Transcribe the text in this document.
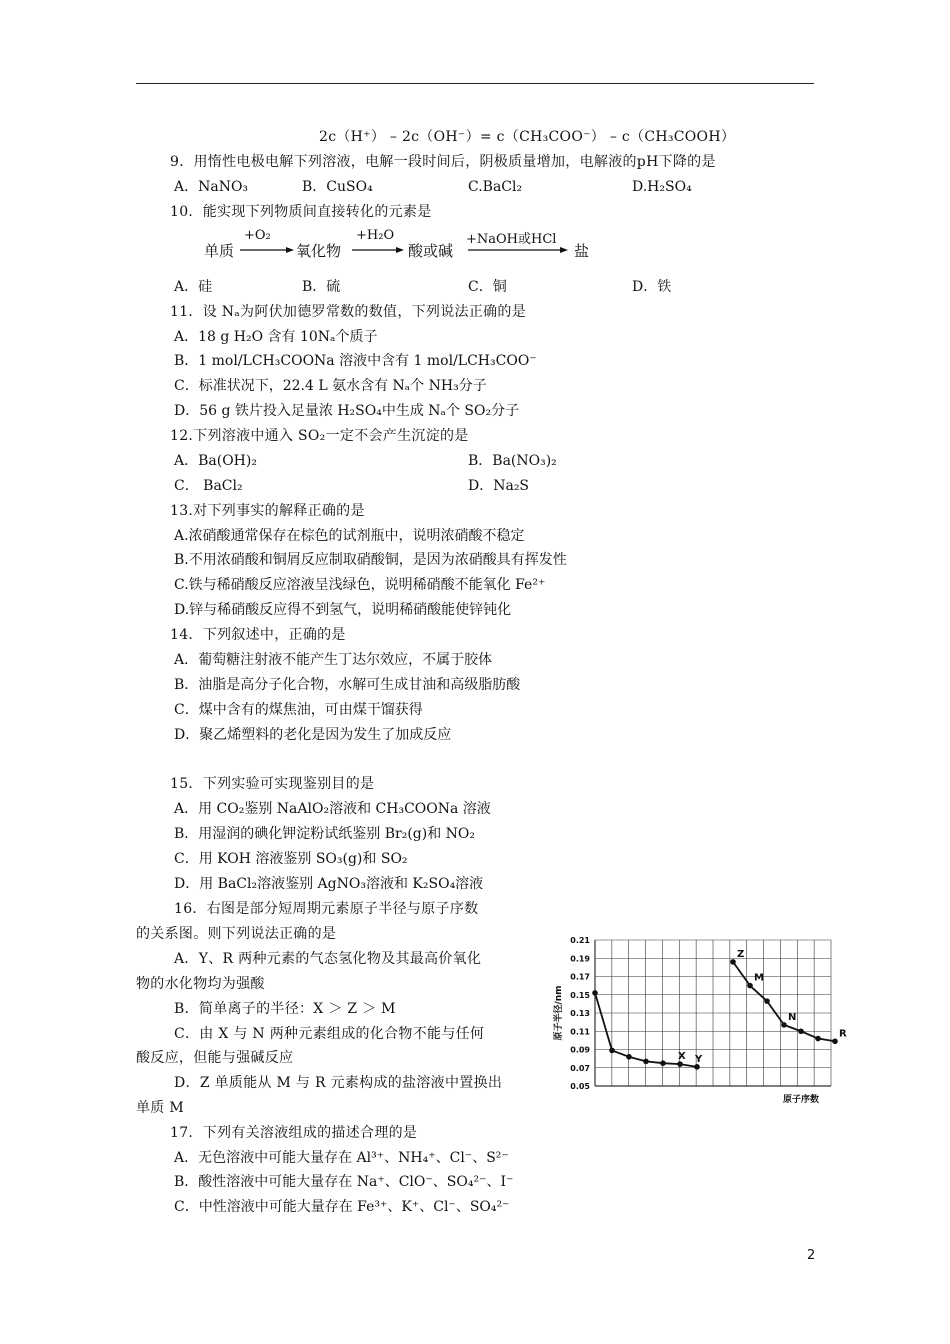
2c（H⁺） – 2c（OH⁻）= c（CH₃COO⁻） – c（CH₃COOH）
9．用惰性电极电解下列溶液，电解一段时间后，阴极质量增加，电解液的pH下降的是
A．NaNO₃	B．CuSO₄	C.BaCl₂	D.H₂SO₄
10．能实现下列物质间直接转化的元素是
单质
+O₂
氧化物
+H₂O
酸或碱
+NaOH或HCl
盐
A．硅	B．硫	C．铜	D．铁
11．设 Nₐ为阿伏加德罗常数的数值，下列说法正确的是
A．18 g H₂O 含有 10Nₐ个质子
B．1 mol/LCH₃COONa 溶液中含有 1 mol/LCH₃COO⁻
C．标准状况下，22.4 L 氨水含有 Nₐ个 NH₃分子
D．56 g 铁片投入足量浓 H₂SO₄中生成 Nₐ个 SO₂分子
12.下列溶液中通入 SO₂一定不会产生沉淀的是
A．Ba(OH)₂	B．Ba(NO₃)₂
C． BaCl₂	D．Na₂S
13.对下列事实的解释正确的是
A.浓硝酸通常保存在棕色的试剂瓶中，说明浓硝酸不稳定
B.不用浓硝酸和铜屑反应制取硝酸铜，是因为浓硝酸具有挥发性
C.铁与稀硝酸反应溶液呈浅绿色，说明稀硝酸不能氧化 Fe²⁺
D.锌与稀硝酸反应得不到氢气，说明稀硝酸能使锌钝化
14．下列叙述中，正确的是
A．葡萄糖注射液不能产生丁达尔效应，不属于胶体
B．油脂是高分子化合物，水解可生成甘油和高级脂肪酸
C．煤中含有的煤焦油，可由煤干馏获得
D．聚乙烯塑料的老化是因为发生了加成反应
15．下列实验可实现鉴别目的是
A．用 CO₂鉴别 NaAlO₂溶液和 CH₃COONa 溶液
B．用湿润的碘化钾淀粉试纸鉴别 Br₂(g)和 NO₂
C．用 KOH 溶液鉴别 SO₃(g)和 SO₂
D．用 BaCl₂溶液鉴别 AgNO₃溶液和 K₂SO₄溶液
16．右图是部分短周期元素原子半径与原子序数
的关系图。则下列说法正确的是
A．Y、R 两种元素的气态氢化物及其最高价氧化
物的水化物均为强酸
B．简单离子的半径：X ＞ Z ＞ M
C．由 X 与 N 两种元素组成的化合物不能与任何
酸反应，但能与强碱反应
D．Z 单质能从 M 与 R 元素构成的盐溶液中置换出
单质 M
0.21
0.19
0.17
0.15
0.13
0.11
0.09
0.07
0.05
原子半径/nm
原子序数
X Y
Z
M
N
R
17．下列有关溶液组成的描述合理的是
A．无色溶液中可能大量存在 Al³⁺、NH₄⁺、Cl⁻、S²⁻
B．酸性溶液中可能大量存在 Na⁺、ClO⁻、SO₄²⁻、I⁻
C．中性溶液中可能大量存在 Fe³⁺、K⁺、Cl⁻、SO₄²⁻
2
